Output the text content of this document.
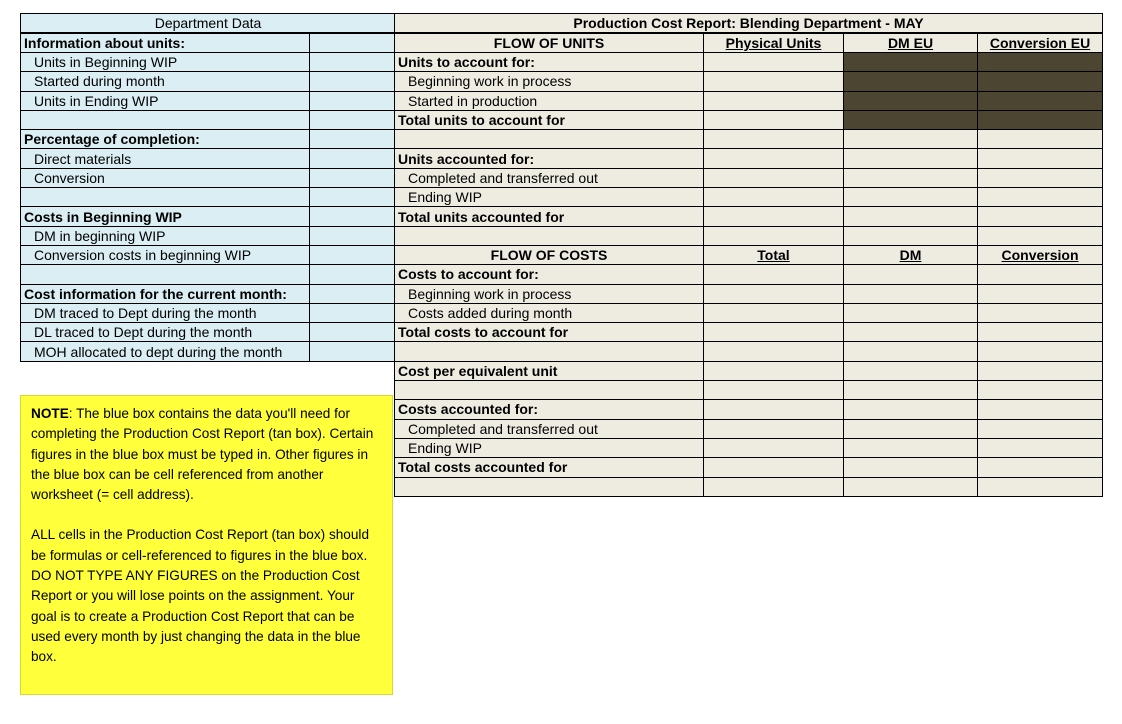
Department Data	
Information about units:	
Units in Beginning WIP	
Started during month	
Units in Ending WIP	

Percentage of completion:	
Direct materials	
Conversion	

Costs in Beginning WIP	
DM in beginning WIP	
Conversion costs in beginning WIP	

Cost information for the current month:	
DM traced to Dept during the month	
DL traced to Dept during the month	
MOH allocated to dept during the month	
Production Cost Report: Blending Department - MAY			
FLOW OF UNITS	Physical Units	DM EU	Conversion EU
Units to account for:			
Beginning work in process			
Started in production			
Total units to account for			

Units accounted for:			
Completed and transferred out			
Ending WIP			
Total units accounted for			

FLOW OF COSTS	Total	DM	Conversion
Costs to account for:			
Beginning work in process			
Costs added during month			
Total costs to account for			

Cost per equivalent unit			

Costs accounted for:			
Completed and transferred out			
Ending WIP			
Total costs accounted for			

NOTE: The blue box contains the data you'll need for completing the Production Cost Report (tan box). Certain figures in the blue box must be typed in. Other figures in the blue box can be cell referenced from another worksheet (= cell address).

ALL cells in the Production Cost Report (tan box) should be formulas or cell-referenced to figures in the blue box. DO NOT TYPE ANY FIGURES on the Production Cost Report or you will lose points on the assignment. Your goal is to create a Production Cost Report that can be used every month by just changing the data in the blue box.
